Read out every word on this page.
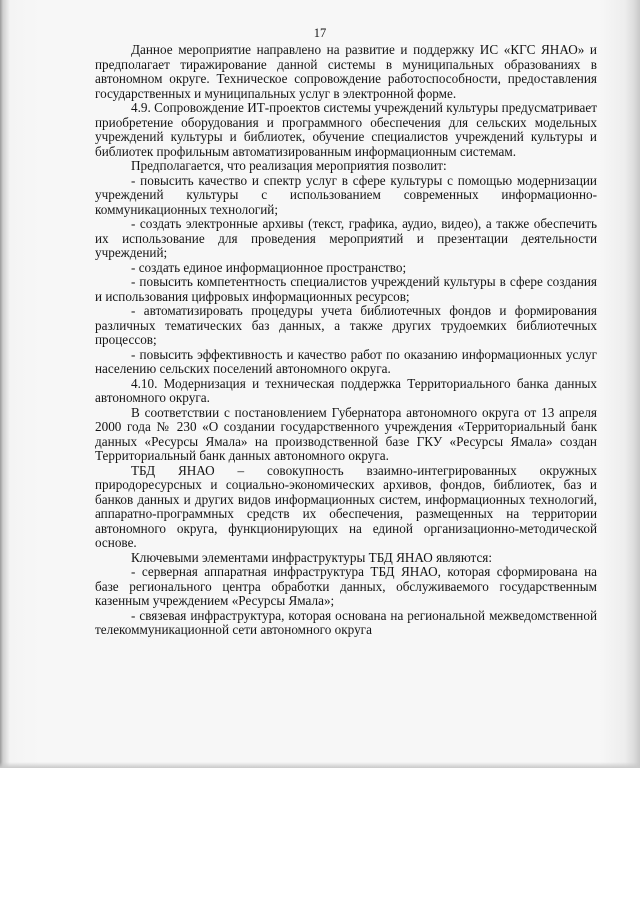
17

Данное мероприятие направлено на развитие и поддержку ИС «КГС ЯНАО» и предполагает тиражирование данной системы в муниципальных образованиях в автономном округе. Техническое сопровождение работоспособности, предоставления государственных и муниципальных услуг в электронной форме.

4.9. Сопровождение ИТ-проектов системы учреждений культуры предусматривает приобретение оборудования и программного обеспечения для сельских модельных учреждений культуры и библиотек, обучение специалистов учреждений культуры и библиотек профильным автоматизированным информационным системам.

Предполагается, что реализация мероприятия позволит:

- повысить качество и спектр услуг в сфере культуры с помощью модернизации учреждений культуры с использованием современных информационно-коммуникационных технологий;

- создать электронные архивы (текст, графика, аудио, видео), а также обеспечить их использование для проведения мероприятий и презентации деятельности учреждений;

- создать единое информационное пространство;

- повысить компетентность специалистов учреждений культуры в сфере создания и использования цифровых информационных ресурсов;

- автоматизировать процедуры учета библиотечных фондов и формирования различных тематических баз данных, а также других трудоемких библиотечных процессов;

- повысить эффективность и качество работ по оказанию информационных услуг населению сельских поселений автономного округа.

4.10. Модернизация и техническая поддержка Территориального банка данных автономного округа.

В соответствии с постановлением Губернатора автономного округа от 13 апреля 2000 года № 230 «О создании государственного учреждения «Территориальный банк данных «Ресурсы Ямала» на производственной базе ГКУ «Ресурсы Ямала» создан Территориальный банк данных автономного округа.

ТБД ЯНАО – совокупность взаимно-интегрированных окружных природоресурсных и социально-экономических архивов, фондов, библиотек, баз и банков данных и других видов информационных систем, информационных технологий, аппаратно-программных средств их обеспечения, размещенных на территории автономного округа, функционирующих на единой организационно-методической основе.

Ключевыми элементами инфраструктуры ТБД ЯНАО являются:

- серверная аппаратная инфраструктура ТБД ЯНАО, которая сформирована на базе регионального центра обработки данных, обслуживаемого государственным казенным учреждением «Ресурсы Ямала»;

- связевая инфраструктура, которая основана на региональной межведомственной телекоммуникационной сети автономного округа
